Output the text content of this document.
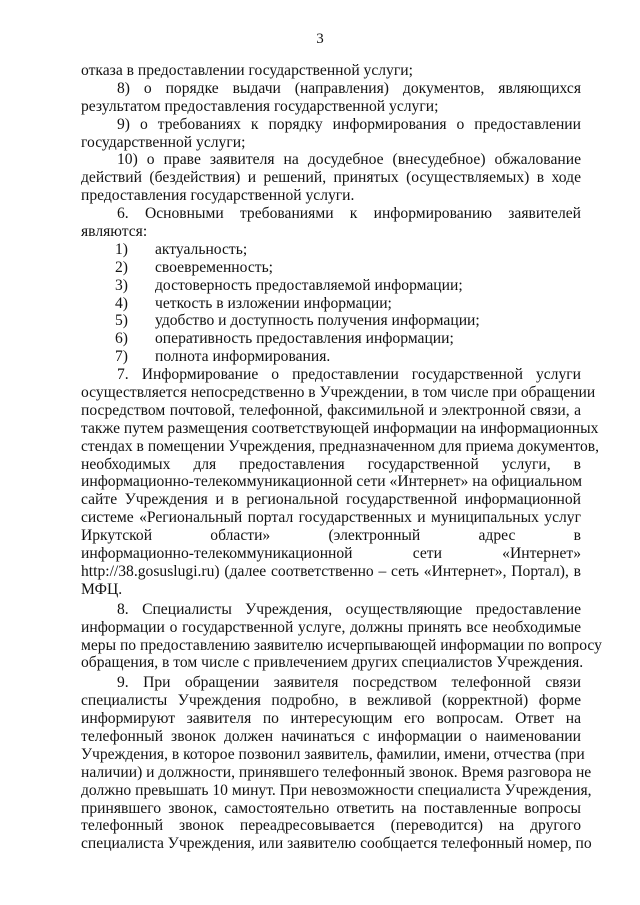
3
отказа в предоставлении государственной услуги;
8) о порядке выдачи (направления) документов, являющихся
результатом предоставления государственной услуги;
9) о требованиях к порядку информирования о предоставлении
государственной услуги;
10) о праве заявителя на досудебное (внесудебное) обжалование
действий (бездействия) и решений, принятых (осуществляемых) в ходе
предоставления государственной услуги.
6. Основными требованиями к информированию заявителей
являются:
1) актуальность;
2) своевременность;
3) достоверность предоставляемой информации;
4) четкость в изложении информации;
5) удобство и доступность получения информации;
6) оперативность предоставления информации;
7) полнота информирования.
7. Информирование о предоставлении государственной услуги
осуществляется непосредственно в Учреждении, в том числе при обращении
посредством почтовой, телефонной, факсимильной и электронной связи, а
также путем размещения соответствующей информации на информационных
стендах в помещении Учреждения, предназначенном для приема документов,
необходимых для предоставления государственной услуги, в
информационно-телекоммуникационной сети «Интернет» на официальном
сайте Учреждения и в региональной государственной информационной
системе «Региональный портал государственных и муниципальных услуг
Иркутской области» (электронный адрес в
информационно-телекоммуникационной сети «Интернет»
http://38.gosuslugi.ru) (далее соответственно – сеть «Интернет», Портал), в
МФЦ.
8. Специалисты Учреждения, осуществляющие предоставление
информации о государственной услуге, должны принять все необходимые
меры по предоставлению заявителю исчерпывающей информации по вопросу
обращения, в том числе с привлечением других специалистов Учреждения.
9. При обращении заявителя посредством телефонной связи
специалисты Учреждения подробно, в вежливой (корректной) форме
информируют заявителя по интересующим его вопросам. Ответ на
телефонный звонок должен начинаться с информации о наименовании
Учреждения, в которое позвонил заявитель, фамилии, имени, отчества (при
наличии) и должности, принявшего телефонный звонок. Время разговора не
должно превышать 10 минут. При невозможности специалиста Учреждения,
принявшего звонок, самостоятельно ответить на поставленные вопросы
телефонный звонок переадресовывается (переводится) на другого
специалиста Учреждения, или заявителю сообщается телефонный номер, по
